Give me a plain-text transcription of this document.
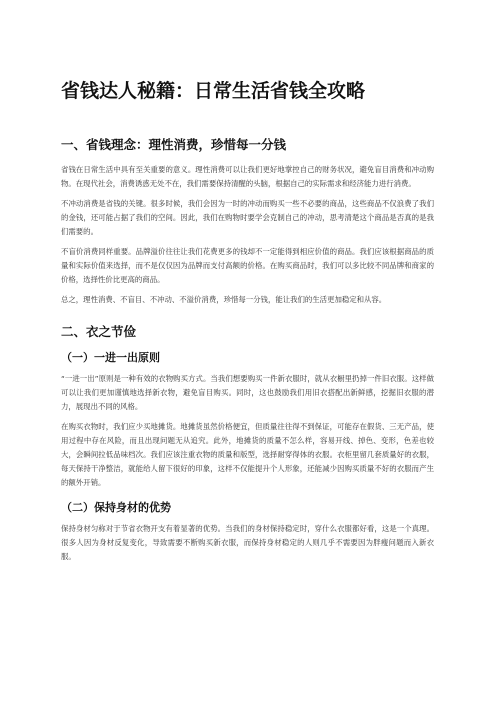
省钱达人秘籍：日常生活省钱全攻略
一、省钱理念：理性消费，珍惜每一分钱

省钱在日常生活中具有至关重要的意义。理性消费可以让我们更好地掌控自己的财务状况，避免盲目消费和冲动购物。在现代社会，消费诱惑无处不在，我们需要保持清醒的头脑，根据自己的实际需求和经济能力进行消费。

不冲动消费是省钱的关键。很多时候，我们会因为一时的冲动而购买一些不必要的商品，这些商品不仅浪费了我们的金钱，还可能占据了我们的空间。因此，我们在购物时要学会克制自己的冲动，思考清楚这个商品是否真的是我们需要的。

不盲价消费同样重要。品牌溢价往往让我们花费更多的钱却不一定能得到相应价值的商品。我们应该根据商品的质量和实际价值来选择，而不是仅仅因为品牌而支付高额的价格。在购买商品时，我们可以多比较不同品牌和商家的价格，选择性价比更高的商品。

总之，理性消费、不盲目、不冲动、不溢价消费，珍惜每一分钱，能让我们的生活更加稳定和从容。

二、衣之节俭
（一）一进一出原则

“一进一出”原则是一种有效的衣物购买方式。当我们想要购买一件新衣服时，就从衣橱里扔掉一件旧衣服。这样做可以让我们更加谨慎地选择新衣物，避免盲目购买。同时，这也鼓励我们用旧衣搭配出新鲜感，挖掘旧衣服的潜力，展现出不同的风格。

在购买衣物时，我们应少买地摊货。地摊货虽然价格便宜，但质量往往得不到保证，可能存在假货、三无产品，使用过程中存在风险，而且出现问题无从追究。此外，地摊货的质量不怎么样，容易开线、掉色、变形，色差也较大，会瞬间拉低品味档次。我们应该注重衣物的质量和版型，选择耐穿得体的衣服。衣柜里留几套质量好的衣服，每天保持干净整洁，就能给人留下很好的印象，这样不仅能提升个人形象，还能减少因购买质量不好的衣服而产生的额外开销。

（二）保持身材的优势

保持身材匀称对于节省衣物开支有着显著的优势。当我们的身材保持稳定时，穿什么衣服都好看，这是一个真理。很多人因为身材反复变化，导致需要不断购买新衣服，而保持身材稳定的人则几乎不需要因为胖瘦问题而入新衣服。
